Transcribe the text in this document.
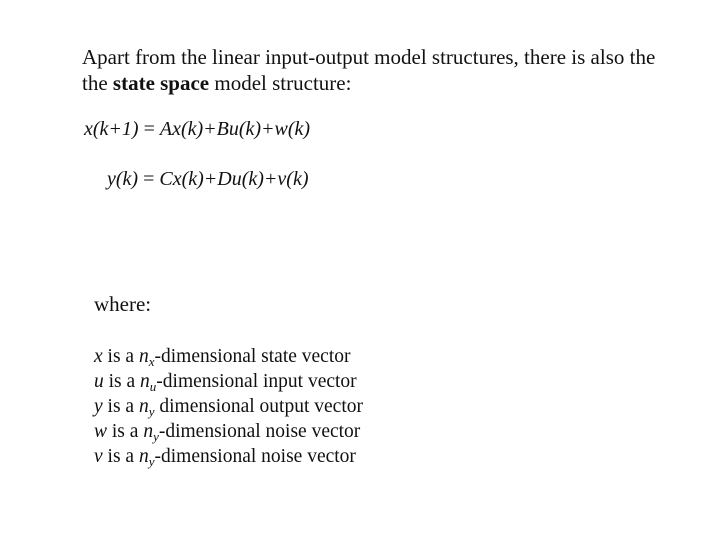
Apart from the linear input-output model structures, there is also the the state space model structure:
x(k+1) = Ax(k)+Bu(k)+w(k)
y(k) = Cx(k)+Du(k)+v(k)
where:
x is a $n_x$-dimensional state vector
u is a $n_u$-dimensional input vector
y is a $n_y$ dimensional output vector
w is a $n_y$-dimensional noise vector
v is a $n_y$-dimensional noise vector
